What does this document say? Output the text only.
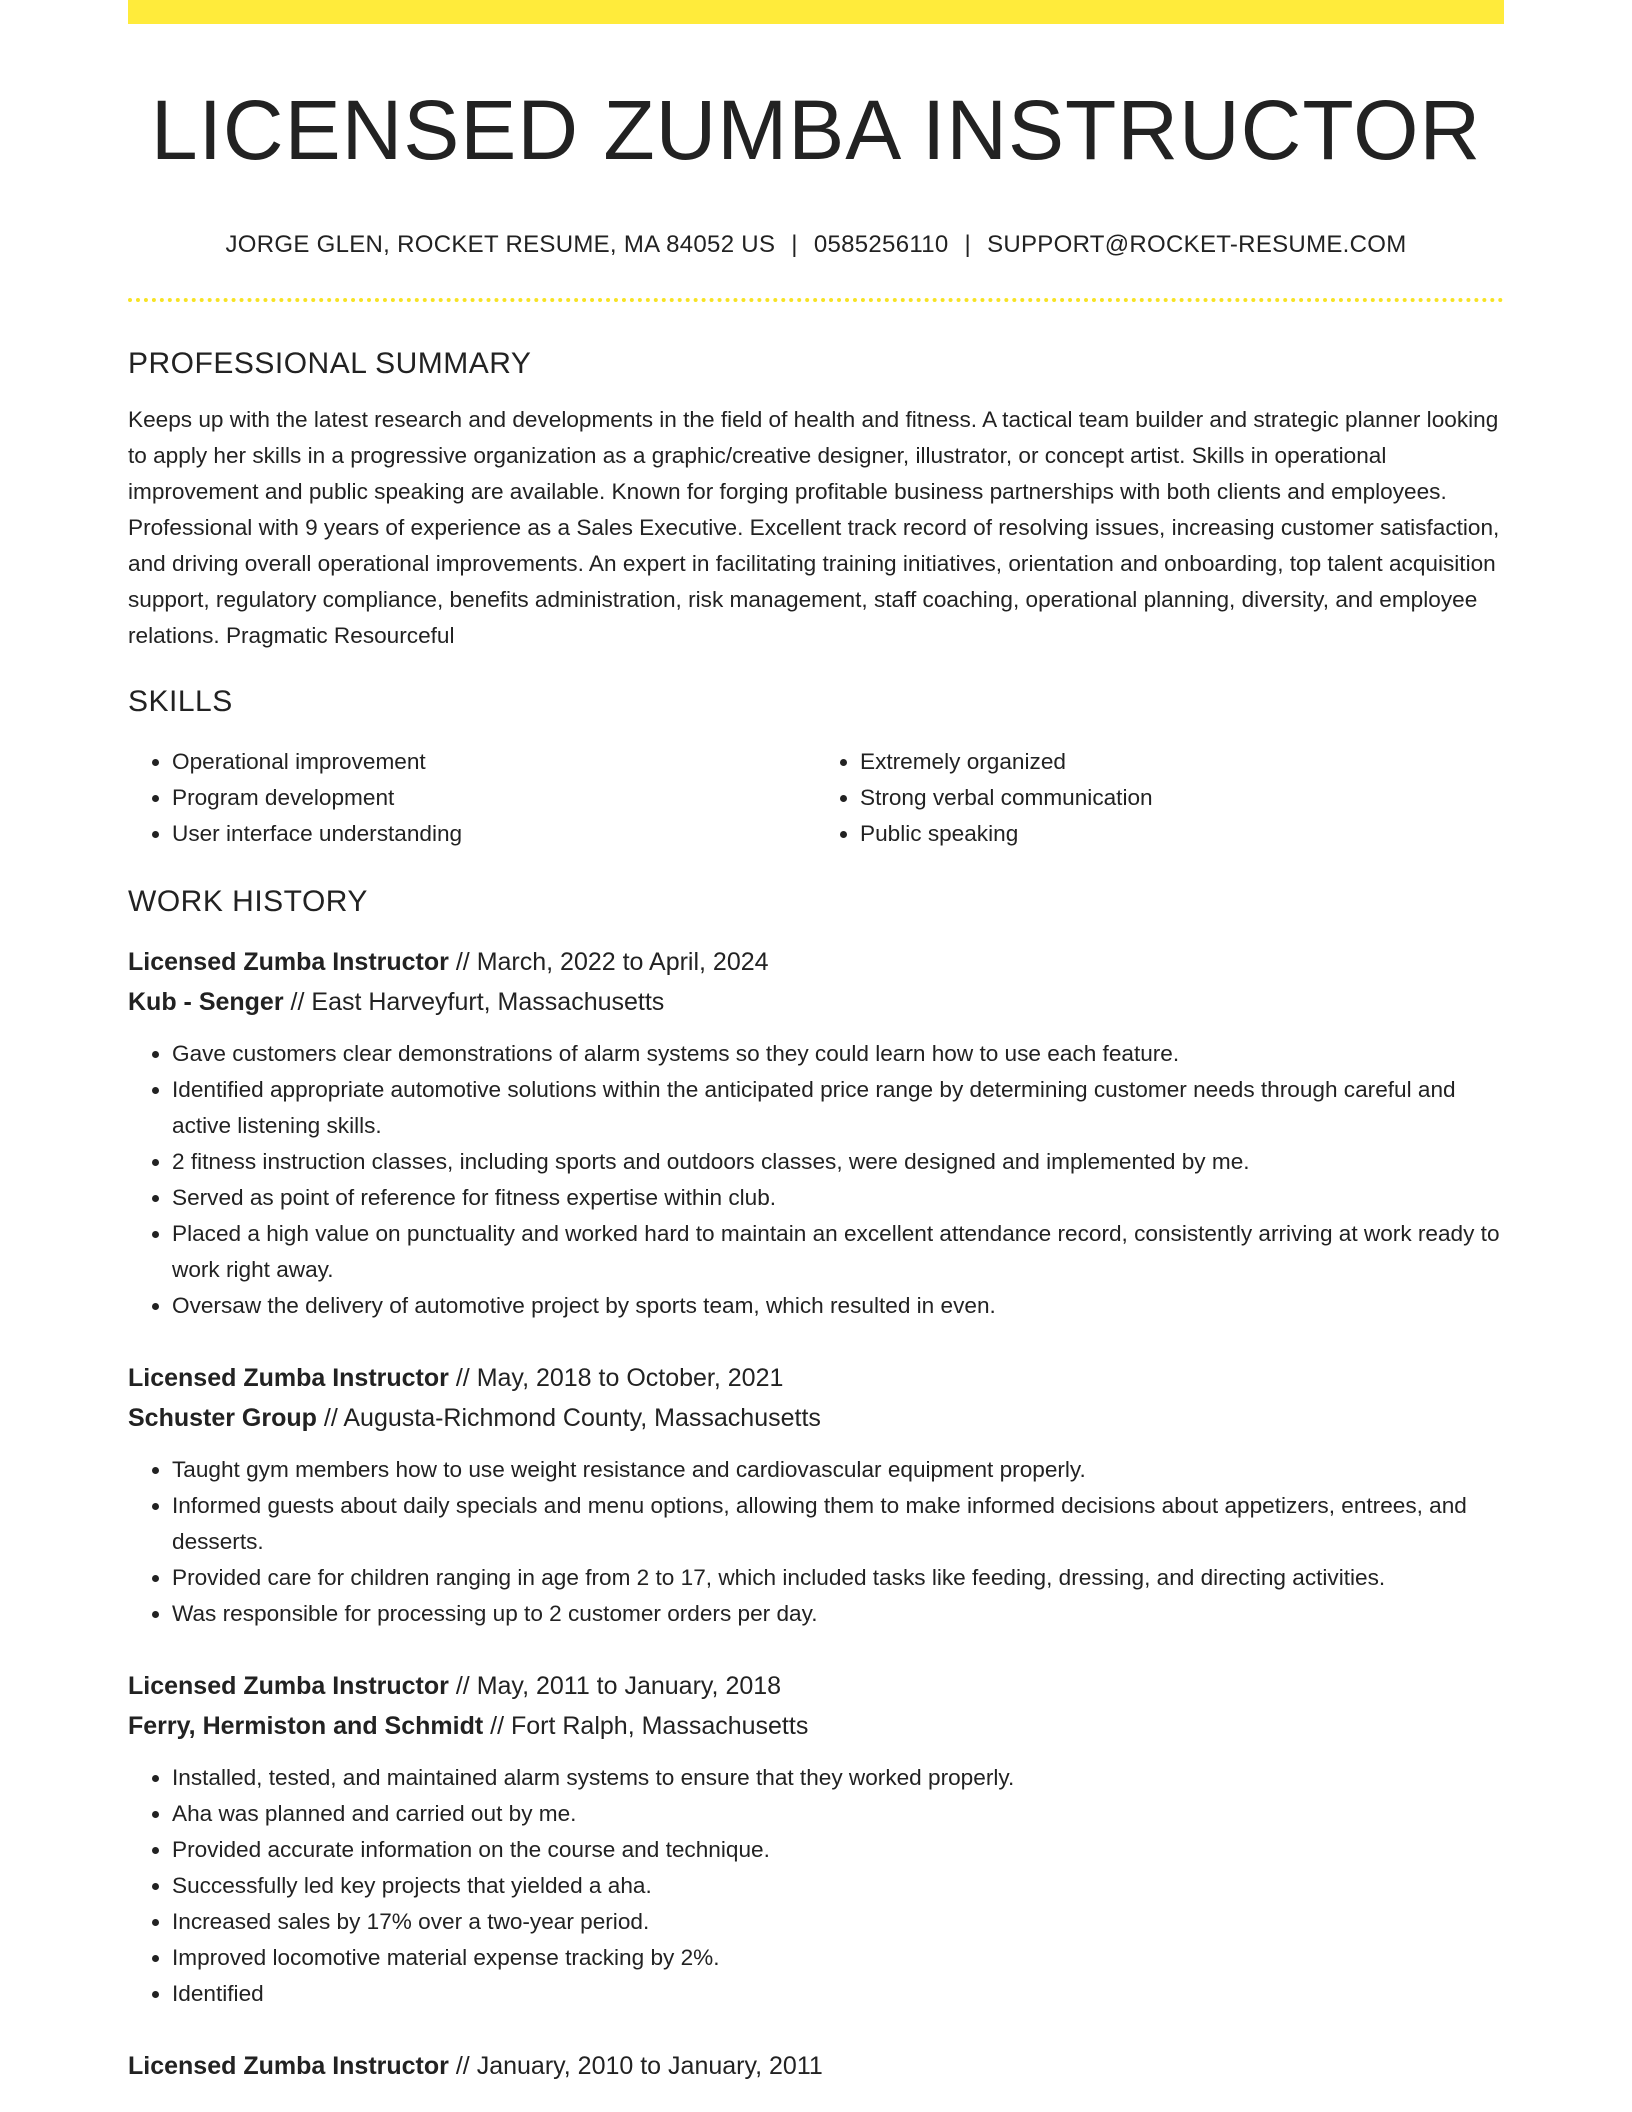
LICENSED ZUMBA INSTRUCTOR
JORGE GLEN, ROCKET RESUME, MA 84052 US | 0585256110 | SUPPORT@ROCKET-RESUME.COM
PROFESSIONAL SUMMARY
Keeps up with the latest research and developments in the field of health and fitness. A tactical team builder and strategic planner looking to apply her skills in a progressive organization as a graphic/creative designer, illustrator, or concept artist. Skills in operational improvement and public speaking are available. Known for forging profitable business partnerships with both clients and employees. Professional with 9 years of experience as a Sales Executive. Excellent track record of resolving issues, increasing customer satisfaction, and driving overall operational improvements. An expert in facilitating training initiatives, orientation and onboarding, top talent acquisition support, regulatory compliance, benefits administration, risk management, staff coaching, operational planning, diversity, and employee relations. Pragmatic Resourceful
SKILLS
• Operational improvement
• Program development
• User interface understanding
• Extremely organized
• Strong verbal communication
• Public speaking
WORK HISTORY
Licensed Zumba Instructor // March, 2022 to April, 2024
Kub - Senger // East Harveyfurt, Massachusetts
• Gave customers clear demonstrations of alarm systems so they could learn how to use each feature.
• Identified appropriate automotive solutions within the anticipated price range by determining customer needs through careful and active listening skills.
• 2 fitness instruction classes, including sports and outdoors classes, were designed and implemented by me.
• Served as point of reference for fitness expertise within club.
• Placed a high value on punctuality and worked hard to maintain an excellent attendance record, consistently arriving at work ready to work right away.
• Oversaw the delivery of automotive project by sports team, which resulted in even.
Licensed Zumba Instructor // May, 2018 to October, 2021
Schuster Group // Augusta-Richmond County, Massachusetts
• Taught gym members how to use weight resistance and cardiovascular equipment properly.
• Informed guests about daily specials and menu options, allowing them to make informed decisions about appetizers, entrees, and desserts.
• Provided care for children ranging in age from 2 to 17, which included tasks like feeding, dressing, and directing activities.
• Was responsible for processing up to 2 customer orders per day.
Licensed Zumba Instructor // May, 2011 to January, 2018
Ferry, Hermiston and Schmidt // Fort Ralph, Massachusetts
• Installed, tested, and maintained alarm systems to ensure that they worked properly.
• Aha was planned and carried out by me.
• Provided accurate information on the course and technique.
• Successfully led key projects that yielded a aha.
• Increased sales by 17% over a two-year period.
• Improved locomotive material expense tracking by 2%.
• Identified
Licensed Zumba Instructor // January, 2010 to January, 2011
